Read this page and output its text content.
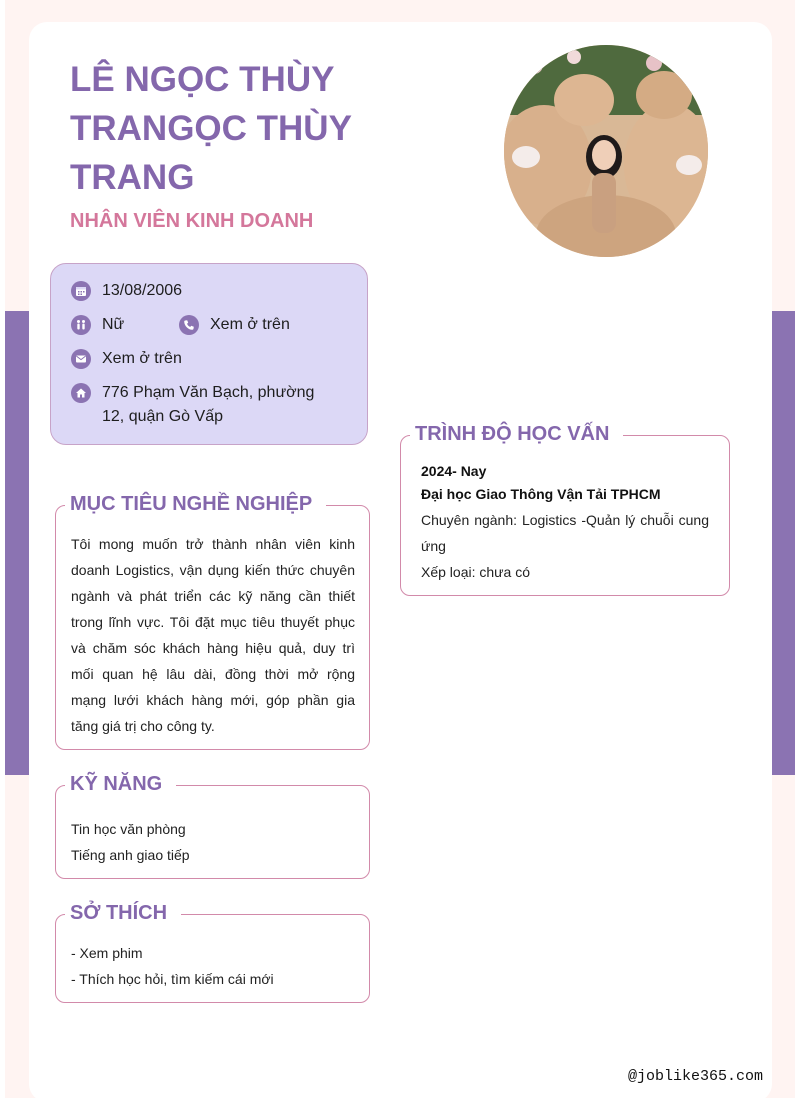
LÊ NGỌC THÙY TRANGỌC THÙY TRANG
NHÂN VIÊN KINH DOANH
13/08/2006
Nữ	Xem ở trên
Xem ở trên
776 Phạm Văn Bạch, phường 12, quận Gò Vấp
MỤC TIÊU NGHỀ NGHIỆP

Tôi mong muốn trở thành nhân viên kinh doanh Logistics, vận dụng kiến thức chuyên ngành và phát triển các kỹ năng cần thiết trong lĩnh vực. Tôi đặt mục tiêu thuyết phục và chăm sóc khách hàng hiệu quả, duy trì mối quan hệ lâu dài, đồng thời mở rộng mạng lưới khách hàng mới, góp phần gia tăng giá trị cho công ty.

KỸ NĂNG

Tin học văn phòng

Tiếng anh giao tiếp

SỞ THÍCH

- Xem phim

- Thích học hỏi, tìm kiếm cái mới

TRÌNH ĐỘ HỌC VẤN

2024- Nay

Đại học Giao Thông Vận Tải TPHCM

Chuyên ngành: Logistics -Quản lý chuỗi cung ứng

Xếp loại: chưa có

@joblike365.com
